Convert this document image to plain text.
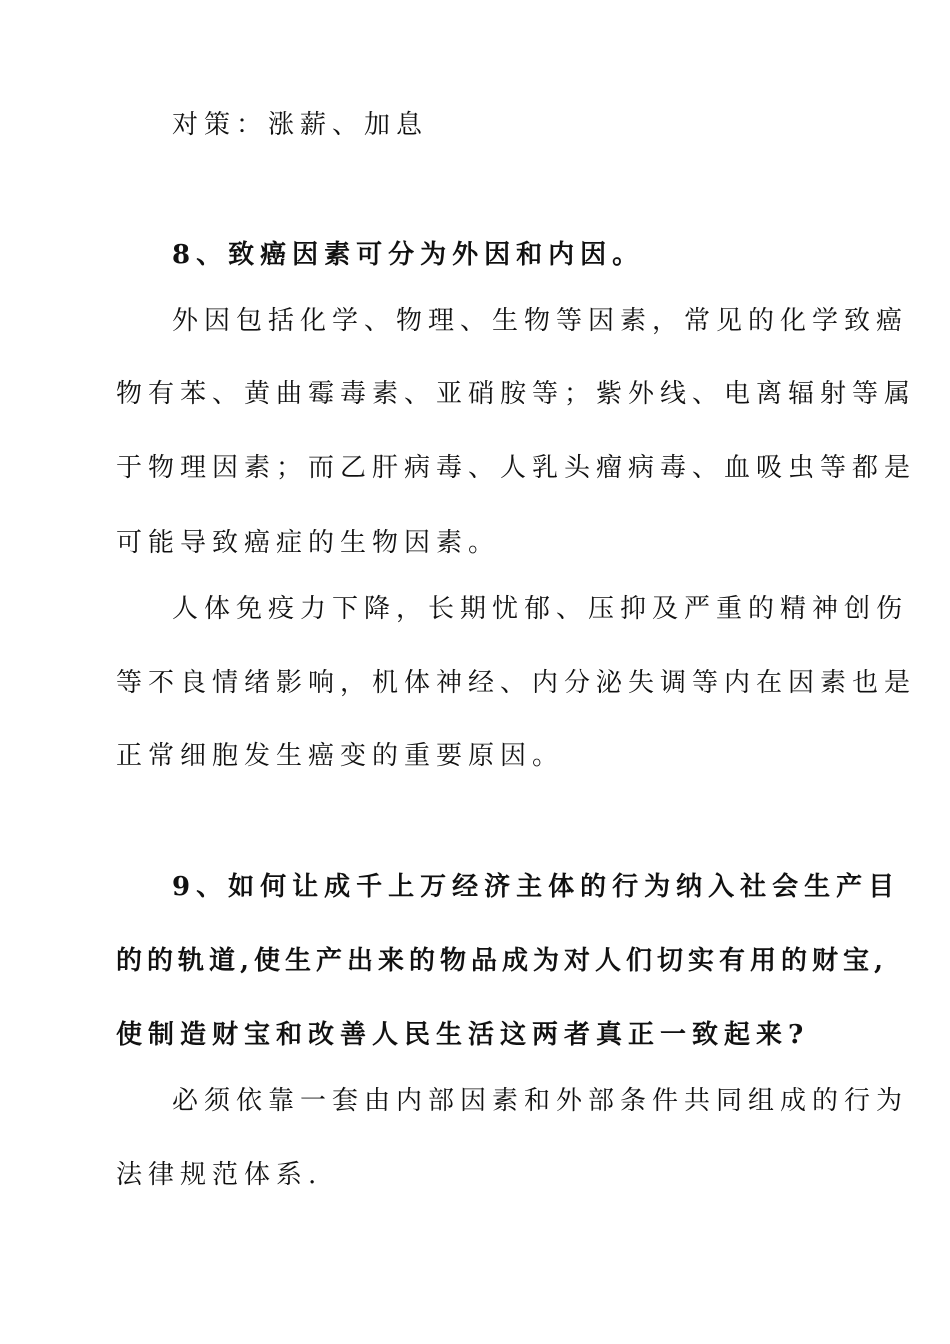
对策：涨薪、加息
8、致癌因素可分为外因和内因。
外因包括化学、物理、生物等因素，常见的化学致癌
物有苯、黄曲霉毒素、亚硝胺等；紫外线、电离辐射等属
于物理因素；而乙肝病毒、人乳头瘤病毒、血吸虫等都是
可能导致癌症的生物因素。
人体免疫力下降，长期忧郁、压抑及严重的精神创伤
等不良情绪影响，机体神经、内分泌失调等内在因素也是
正常细胞发生癌变的重要原因。
9、如何让成千上万经济主体的行为纳入社会生产目
的的轨道,使生产出来的物品成为对人们切实有用的财宝,
使制造财宝和改善人民生活这两者真正一致起来?
必须依靠一套由内部因素和外部条件共同组成的行为
法律规范体系.
